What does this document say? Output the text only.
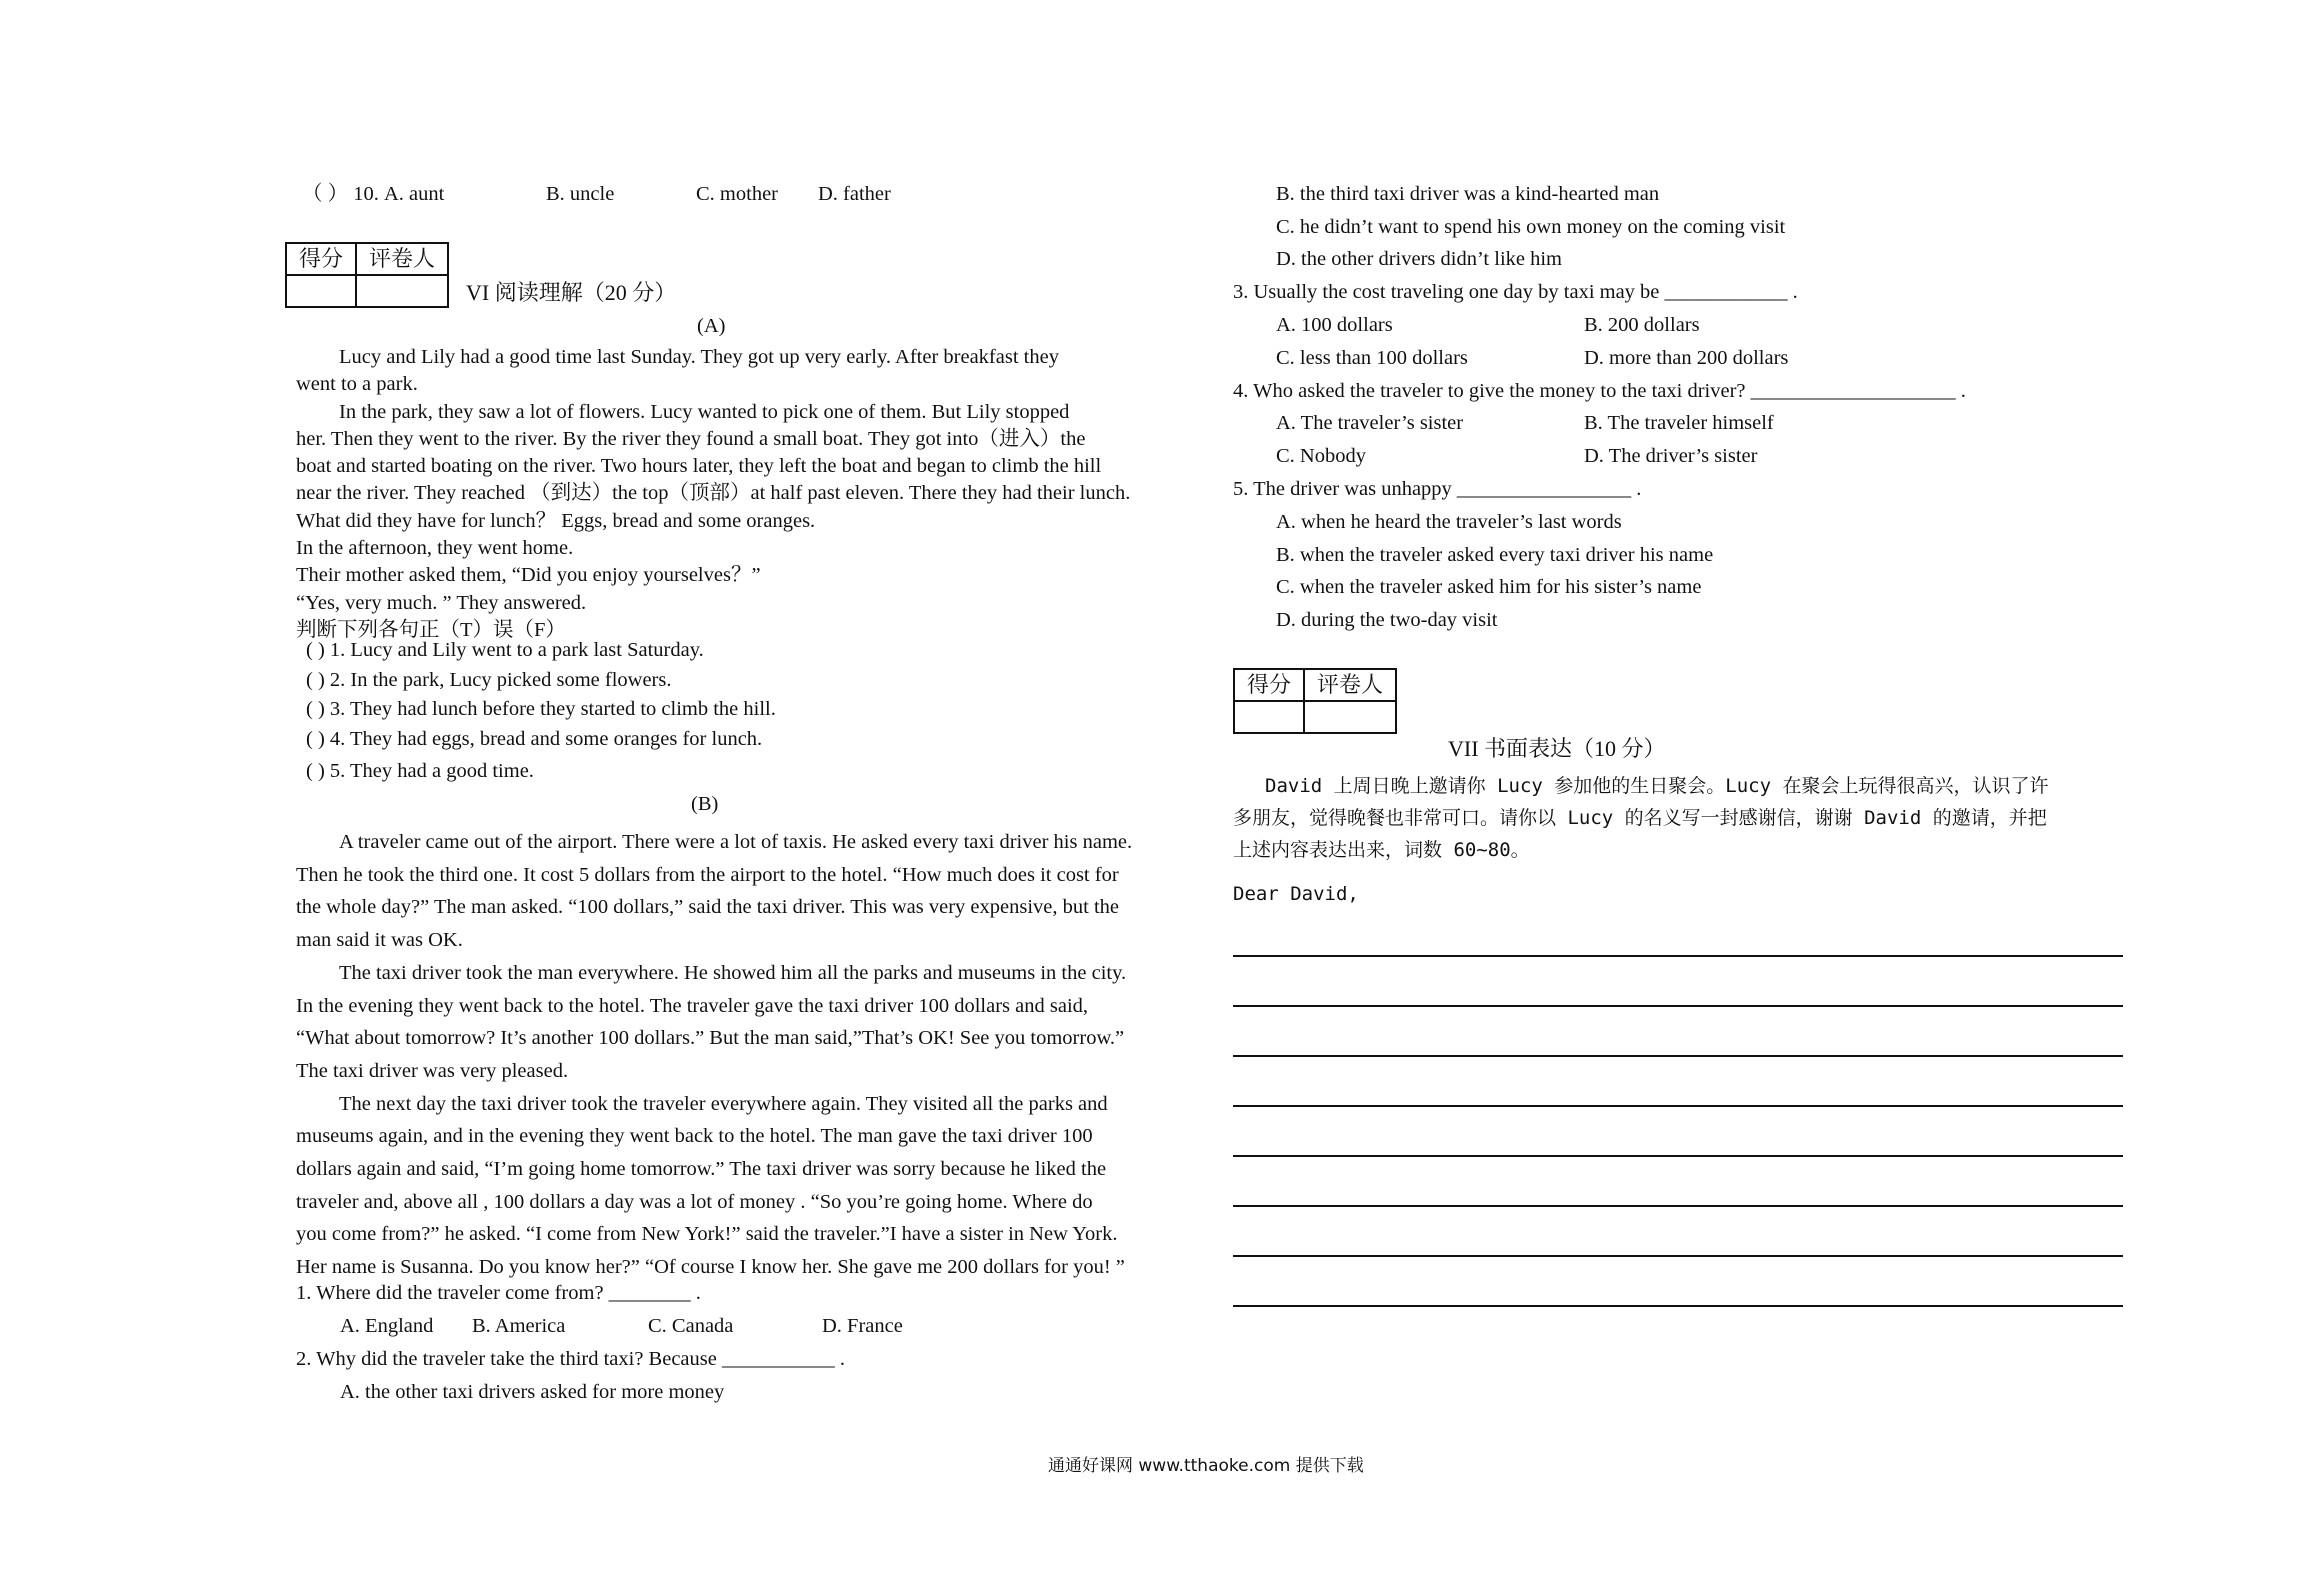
（ ） 10. A. aunt	B. uncle	C. mother D. father
得分	评卷人

VI 阅读理解（20 分）
(A)
Lucy and Lily had a good time last Sunday. They got up very early. After breakfast they
went to a park.
In the park, they saw a lot of flowers. Lucy wanted to pick one of them. But Lily stopped
her. Then they went to the river. By the river they found a small boat. They got into（进入）the
boat and started boating on the river. Two hours later, they left the boat and began to climb the hill
near the river. They reached （到达）the top（顶部）at half past eleven. There they had their lunch.
What did they have for lunch？ Eggs, bread and some oranges.
In the afternoon, they went home.
Their mother asked them, “Did you enjoy yourselves？”
“Yes, very much. ” They answered.
判断下列各句正（T）误（F）
( ) 1. Lucy and Lily went to a park last Saturday.
( ) 2. In the park, Lucy picked some flowers.
( ) 3. They had lunch before they started to climb the hill.
( ) 4. They had eggs, bread and some oranges for lunch.
( ) 5. They had a good time.
(B)
A traveler came out of the airport. There were a lot of taxis. He asked every taxi driver his name.
Then he took the third one. It cost 5 dollars from the airport to the hotel. “How much does it cost for
the whole day?” The man asked. “100 dollars,” said the taxi driver. This was very expensive, but the
man said it was OK.
The taxi driver took the man everywhere. He showed him all the parks and museums in the city.
In the evening they went back to the hotel. The traveler gave the taxi driver 100 dollars and said,
“What about tomorrow? It’s another 100 dollars.” But the man said,”That’s OK! See you tomorrow.”
The taxi driver was very pleased.
The next day the taxi driver took the traveler everywhere again. They visited all the parks and
museums again, and in the evening they went back to the hotel. The man gave the taxi driver 100
dollars again and said, “I’m going home tomorrow.” The taxi driver was sorry because he liked the
traveler and, above all , 100 dollars a day was a lot of money . “So you’re going home. Where do
you come from?” he asked. “I come from New York!” said the traveler.”I have a sister in New York.
Her name is Susanna. Do you know her?” “Of course I know her. She gave me 200 dollars for you! ”
1. Where did the traveler come from? ________ .
A. England B. America	C. Canada	D. France
2. Why did the traveler take the third taxi? Because ___________ .
A. the other taxi drivers asked for more money
B. the third taxi driver was a kind-hearted man
C. he didn’t want to spend his own money on the coming visit
D. the other drivers didn’t like him
3. Usually the cost traveling one day by taxi may be ____________ .
A. 100 dollars	B. 200 dollars
C. less than 100 dollars	D. more than 200 dollars
4. Who asked the traveler to give the money to the taxi driver? ____________________ .
A. The traveler’s sister	B. The traveler himself
C. Nobody	D. The driver’s sister
5. The driver was unhappy _________________ .
A. when he heard the traveler’s last words
B. when the traveler asked every taxi driver his name
C. when the traveler asked him for his sister’s name
D. during the two-day visit
得分	评卷人

VII 书面表达（10 分）
David 上周日晚上邀请你 Lucy 参加他的生日聚会。Lucy 在聚会上玩得很高兴，认识了许
多朋友，觉得晚餐也非常可口。请你以 Lucy 的名义写一封感谢信，谢谢 David 的邀请，并把
上述内容表达出来，词数 60~80。
Dear David,
通通好课网 www.tthaoke.com 提供下载
